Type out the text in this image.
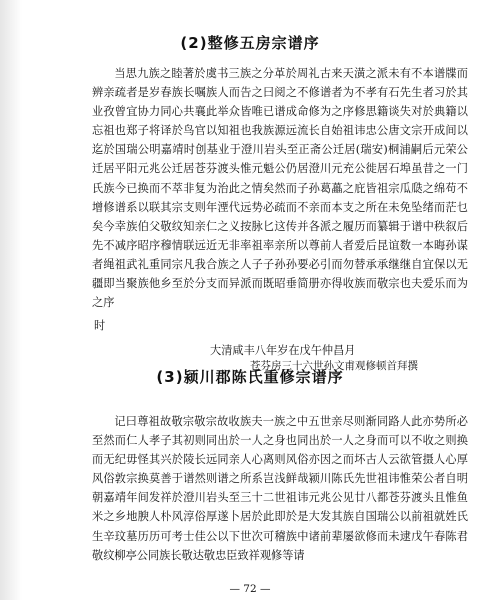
(2)整修五房宗谱序

当思九族之睦著於虞书三族之分革於周礼古来天潢之派未有不本谱牒而辨亲疏者是岁春族长嘱族人而告之曰阅之不修谱者为不孝有石先生者习於其业孜曾宜协力同心共襄此举众皆唯已谱成命修为之序修思籍谈失对於典籍以忘祖也郑子将译於鸟官以知祖也我族源远流长自始祖讳忠公唐文宗开成间以迄於国瑞公明嘉靖时创基业于澄川岩头至正斋公迁居(瑞安)桐浦嗣后元荣公迁居平阳元兆公迁居苍芬渡头惟元魁公仍居澄川元充公徙居石埠虽昔之一门氏族今已换而不萃非复为治此之情矣然而子孙葛藟之庇皆祖宗瓜瓞之绵苟不增修谱系以联其宗支则年湮代远势必疏而不亲而本支之所在未免坠绪而茫乜矣今幸族伯父敬纹知亲仁之义按脉匕这传并各派之履历而纂辑于谱中秩叙后先不减序昭序穆情联远近无非率祖率亲所以尊前人者爱后昆谊数一本晦孙谋者绳祖武礼重同宗凡我合族之人子子孙孙要必引而勿替承承继继自宜保以无疆即当聚族他乡至於分支而异派而既昭垂简册亦得收族而敬宗也夫爱乐而为之序

时
大清咸丰八年岁在戊午仲昌月
苍芬房三十六世孙文甫观修顿首拜撰
(3)颍川郡陈氏重修宗谱序

记曰尊祖故敬宗敬宗故收族夫一族之中五世亲尽则渐同路人此亦势所必至然而仁人孝子其初则同出於一人之身也同出於一人之身而可以不收之则换而无纪毋怪其兴於陵长远同亲人心离则风俗亦因之而坏古人云欲管摄人心厚风俗敦宗换莫善于谱然则谱之所系岂浅鲜哉颍川陈氏先世祖讳惟荣公者自明朝嘉靖年间发祥於澄川岩头至三十二世祖讳元兆公见廿八都苍芬渡头且惟鱼米之乡地腴人朴风淳俗厚遂卜居於此即於是大发其族自国瑞公以前祖就姓氏生辛玟墓历历可考士佳公以下世次可稽族中诸前辈屡欲修而未逮戊午春陈君敬纹柳亭公同族长敬达敬忠臣致祥观修等请

— 72 —
